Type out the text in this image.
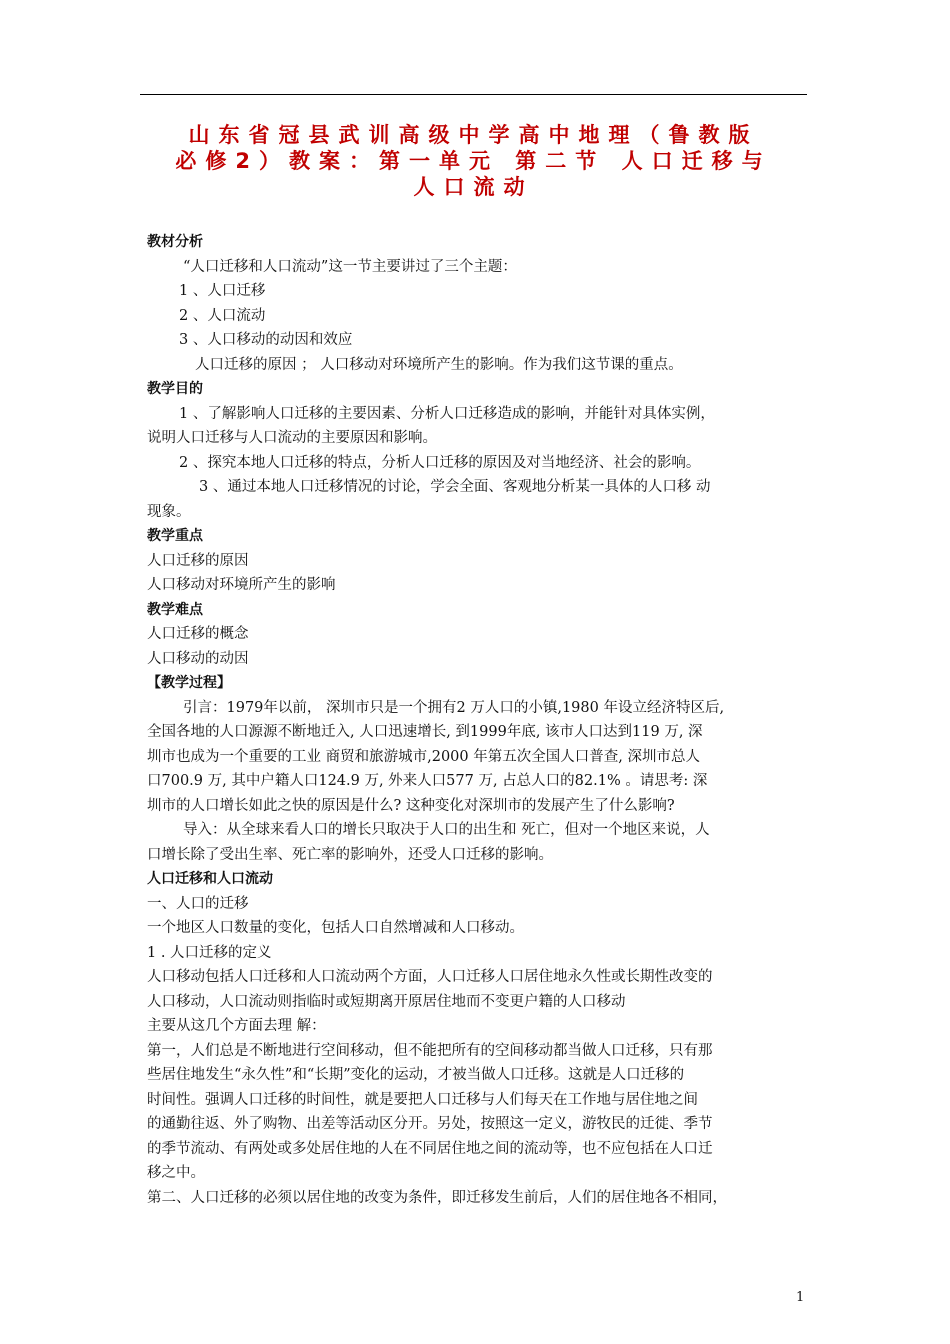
山东省冠县武训高级中学高中地理（鲁教版
必修2）教案：第一单元 第二节 人口迁移与
人口流动

教材分析

“人口迁移和人口流动”这一节主要讲过了三个主题：

1 、人口迁移

2 、人口流动

3 、人口移动的动因和效应

人口迁移的原因 ； 人口移动对环境所产生的影响。作为我们这节课的重点。

教学目的

1 、了解影响人口迁移的主要因素、分析人口迁移造成的影响，并能针对具体实例，

说明人口迁移与人口流动的主要原因和影响。

2 、探究本地人口迁移的特点，分析人口迁移的原因及对当地经济、社会的影响。

3 、通过本地人口迁移情况的讨论，学会全面、客观地分析某一具体的人口移 动

现象。

教学重点

人口迁移的原因

人口移动对环境所产生的影响

教学难点

人口迁移的概念

人口移动的动因

【教学过程】

引言：1979年以前， 深圳市只是一个拥有2 万人口的小镇,1980 年设立经济特区后,

全国各地的人口源源不断地迁入, 人口迅速增长, 到1999年底, 该市人口达到119 万, 深

圳市也成为一个重要的工业 商贸和旅游城市,2000 年第五次全国人口普查, 深圳市总人

口700.9 万, 其中户籍人口124.9 万, 外来人口577 万, 占总人口的82.1% 。请思考: 深

圳市的人口增长如此之快的原因是什么? 这种变化对深圳市的发展产生了什么影响?

导入：从全球来看人口的增长只取决于人口的出生和 死亡，但对一个地区来说，人

口增长除了受出生率、死亡率的影响外，还受人口迁移的影响。

人口迁移和人口流动

一、人口的迁移

一个地区人口数量的变化，包括人口自然增减和人口移动。

1 . 人口迁移的定义

人口移动包括人口迁移和人口流动两个方面，人口迁移人口居住地永久性或长期性改变的

人口移动，人口流动则指临时或短期离开原居住地而不变更户籍的人口移动

主要从这几个方面去理 解：

第一，人们总是不断地进行空间移动，但不能把所有的空间移动都当做人口迁移，只有那

些居住地发生“永久性”和“长期”变化的运动，才被当做人口迁移。这就是人口迁移的

时间性。强调人口迁移的时间性，就是要把人口迁移与人们每天在工作地与居住地之间

的通勤往返、外了购物、出差等活动区分开。另处，按照这一定义，游牧民的迁徙、季节

的季节流动、有两处或多处居住地的人在不同居住地之间的流动等，也不应包括在人口迁

移之中。

第二、人口迁移的必须以居住地的改变为条件，即迁移发生前后，人们的居住地各不相同，

1
